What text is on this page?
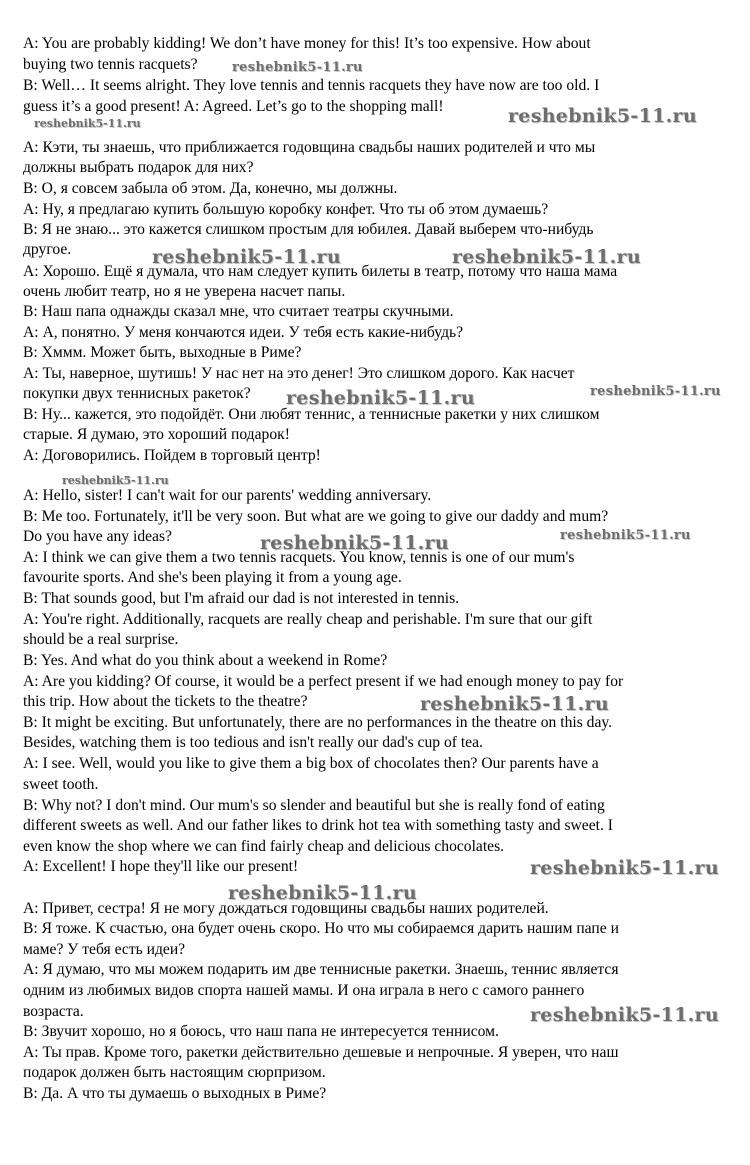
A: You are probably kidding! We don’t have money for this! It’s too expensive. How about
buying two tennis racquets?
B: Well… It seems alright. They love tennis and tennis racquets they have now are too old. I
guess it’s a good present! A: Agreed. Let’s go to the shopping mall!
А: Кэти, ты знаешь, что приближается годовщина свадьбы наших родителей и что мы
должны выбрать подарок для них?
В: О, я совсем забыла об этом. Да, конечно, мы должны.
А: Ну, я предлагаю купить большую коробку конфет. Что ты об этом думаешь?
В: Я не знаю... это кажется слишком простым для юбилея. Давай выберем что-нибудь
другое.
А: Хорошо. Ещё я думала, что нам следует купить билеты в театр, потому что наша мама
очень любит театр, но я не уверена насчет папы.
В: Наш папа однажды сказал мне, что считает театры скучными.
А: А, понятно. У меня кончаются идеи. У тебя есть какие-нибудь?
В: Хммм. Может быть, выходные в Риме?
А: Ты, наверное, шутишь! У нас нет на это денег! Это слишком дорого. Как насчет
покупки двух теннисных ракеток?
В: Ну... кажется, это подойдёт. Они любят теннис, а теннисные ракетки у них слишком
старые. Я думаю, это хороший подарок!
А: Договорились. Пойдем в торговый центр!
A: Hello, sister! I can't wait for our parents' wedding anniversary.
B: Me too. Fortunately, it'll be very soon. But what are we going to give our daddy and mum?
Do you have any ideas?
A: I think we can give them a two tennis racquets. You know, tennis is one of our mum's
favourite sports. And she's been playing it from a young age.
B: That sounds good, but I'm afraid our dad is not interested in tennis.
A: You're right. Additionally, racquets are really cheap and perishable. I'm sure that our gift
should be a real surprise.
B: Yes. And what do you think about a weekend in Rome?
A: Are you kidding? Of course, it would be a perfect present if we had enough money to pay for
this trip. How about the tickets to the theatre?
B: It might be exciting. But unfortunately, there are no performances in the theatre on this day.
Besides, watching them is too tedious and isn't really our dad's cup of tea.
A: I see. Well, would you like to give them a big box of chocolates then? Our parents have a
sweet tooth.
B: Why not? I don't mind. Our mum's so slender and beautiful but she is really fond of eating
different sweets as well. And our father likes to drink hot tea with something tasty and sweet. I
even know the shop where we can find fairly cheap and delicious chocolates.
A: Excellent! I hope they'll like our present!
А: Привет, сестра! Я не могу дождаться годовщины свадьбы наших родителей.
В: Я тоже. К счастью, она будет очень скоро. Но что мы собираемся дарить нашим папе и
маме? У тебя есть идеи?
А: Я думаю, что мы можем подарить им две теннисные ракетки. Знаешь, теннис является
одним из любимых видов спорта нашей мамы. И она играла в него с самого раннего
возраста.
В: Звучит хорошо, но я боюсь, что наш папа не интересуется теннисом.
А: Ты прав. Кроме того, ракетки действительно дешевые и непрочные. Я уверен, что наш
подарок должен быть настоящим сюрпризом.
В: Да. А что ты думаешь о выходных в Риме?
reshebnik5-11.ru
reshebnik5-11.ru
reshebnik5-11.ru
reshebnik5-11.ru	reshebnik5-11.ru
reshebnik5-11.ru	reshebnik5-11.ru
reshebnik5-11.ru
reshebnik5-11.ru	reshebnik5-11.ru
reshebnik5-11.ru
reshebnik5-11.ru
reshebnik5-11.ru
reshebnik5-11.ru
